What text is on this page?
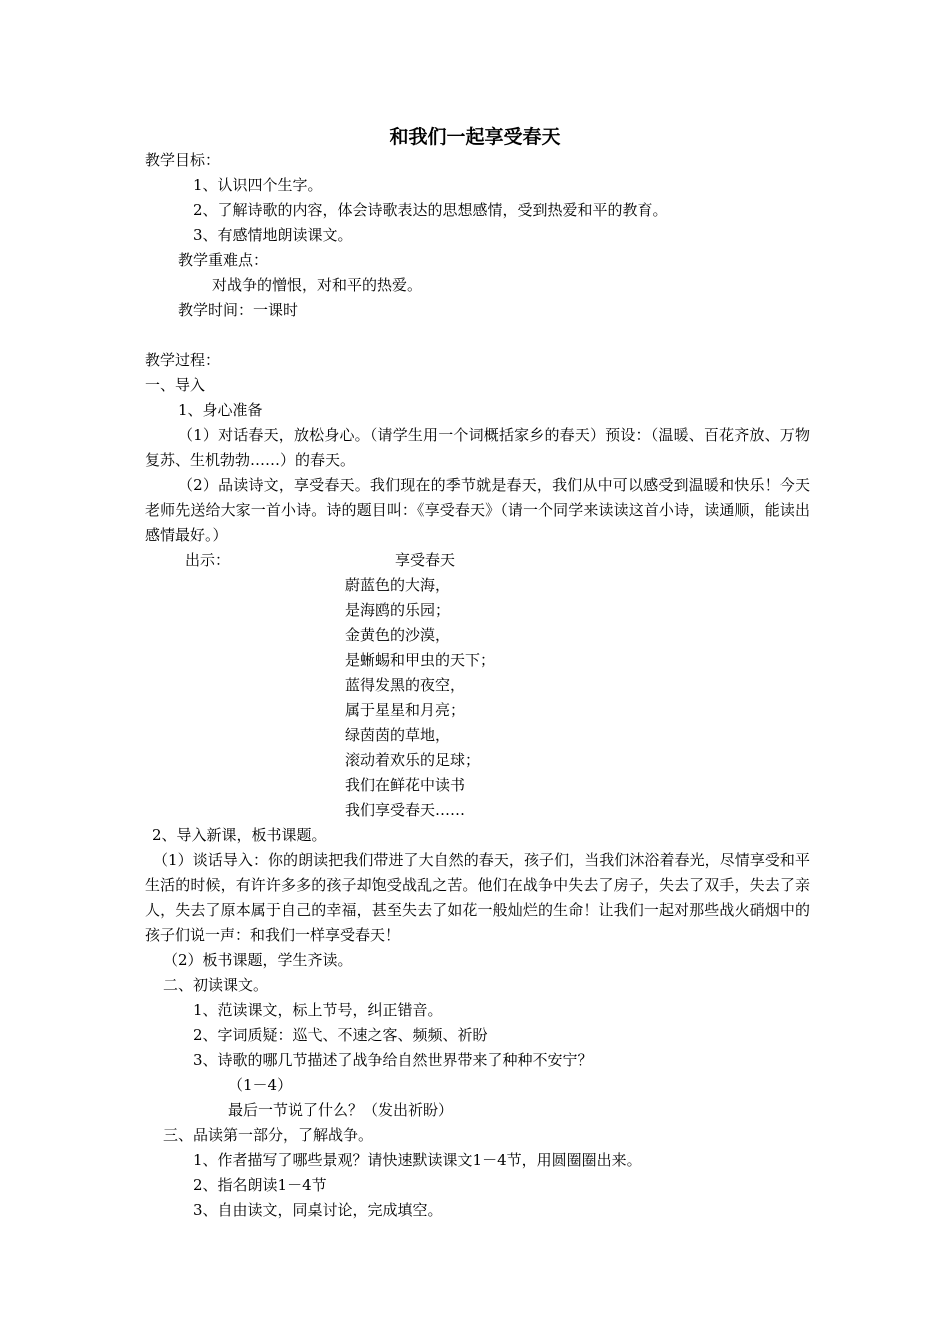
和我们一起享受春天

教学目标：

1、认识四个生字。

2、了解诗歌的内容，体会诗歌表达的思想感情，受到热爱和平的教育。

3、有感情地朗读课文。

教学重难点：

对战争的憎恨，对和平的热爱。

教学时间：一课时

教学过程：

一、导入

1、身心准备

（1）对话春天，放松身心。（请学生用一个词概括家乡的春天）预设：（温暖、百花齐放、万物复苏、生机勃勃……）的春天。

（2）品读诗文，享受春天。我们现在的季节就是春天，我们从中可以感受到温暖和快乐！今天老师先送给大家一首小诗。诗的题目叫：《享受春天》（请一个同学来读读这首小诗，读通顺，能读出感情最好。）

出示：	享受春天

蔚蓝色的大海，

是海鸥的乐园；

金黄色的沙漠，

是蜥蜴和甲虫的天下；

蓝得发黑的夜空，

属于星星和月亮；

绿茵茵的草地，

滚动着欢乐的足球；

我们在鲜花中读书

我们享受春天……

2、导入新课，板书课题。

（1）谈话导入：你的朗读把我们带进了大自然的春天，孩子们，当我们沐浴着春光，尽情享受和平生活的时候，有许许多多的孩子却饱受战乱之苦。他们在战争中失去了房子，失去了双手，失去了亲人，失去了原本属于自己的幸福，甚至失去了如花一般灿烂的生命！让我们一起对那些战火硝烟中的孩子们说一声：和我们一样享受春天！

（2）板书课题，学生齐读。

二、初读课文。

1、范读课文，标上节号，纠正错音。

2、字词质疑：巡弋、不速之客、频频、祈盼

3、诗歌的哪几节描述了战争给自然世界带来了种种不安宁？

（1－4）

最后一节说了什么？（发出祈盼）

三、品读第一部分，了解战争。

1、作者描写了哪些景观？请快速默读课文1－4节，用圆圈圈出来。

2、指名朗读1－4节

3、自由读文，同桌讨论，完成填空。
